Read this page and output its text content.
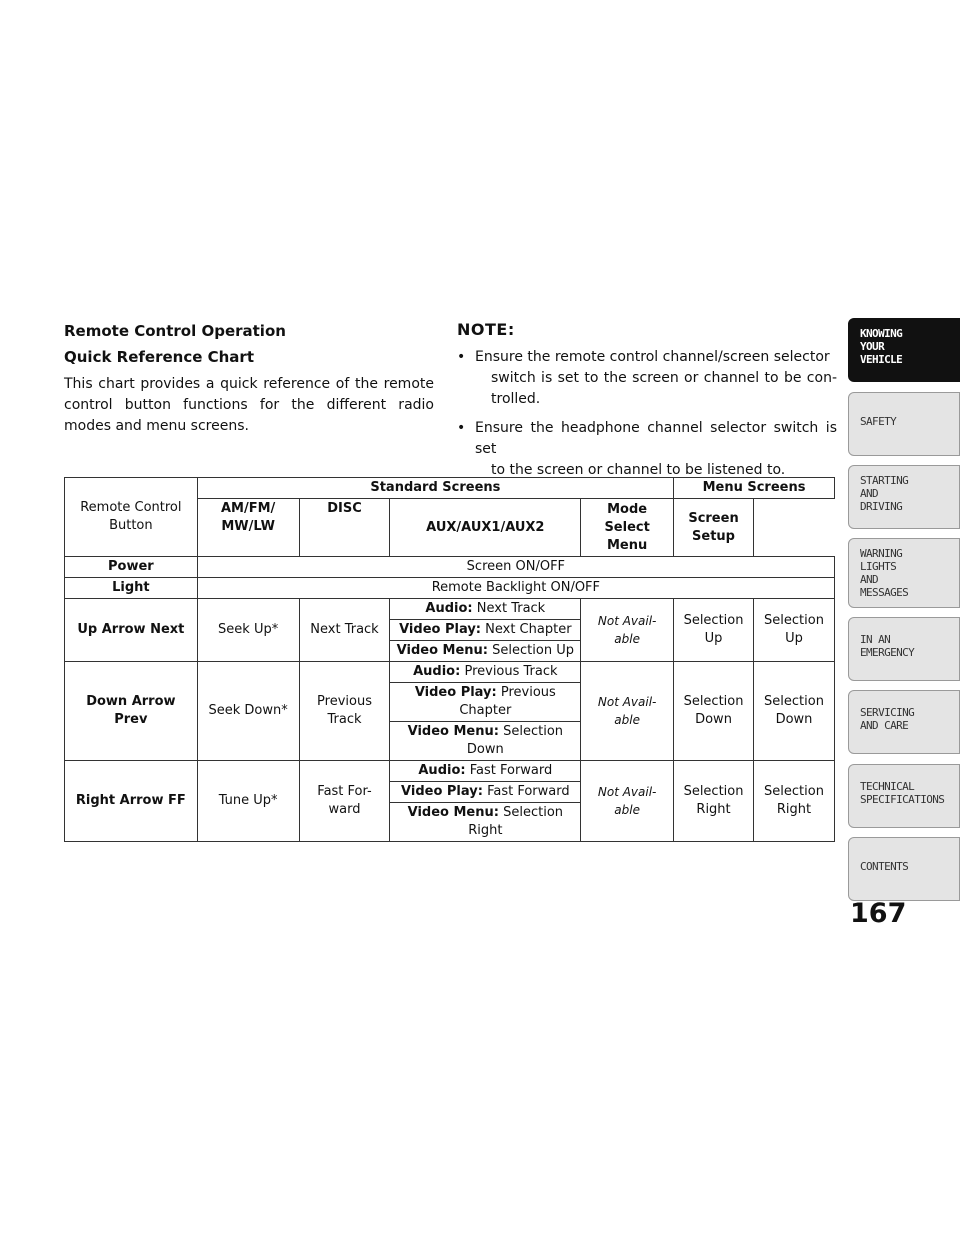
Remote Control Operation
Quick Reference Chart

This chart provides a quick reference of the remote control button functions for the different radio modes and menu screens.

NOTE:
• Ensure the remote control channel/screen selector
switch is set to the screen or channel to be con- trolled.
• Ensure the headphone channel selector switch is set
to the screen or channel to be listened to.
Remote Control Button	Standard Screens				Menu Screens	
	AM/FM/ MW/LW	DISC	AUX/AUX1/AUX2	Mode Select Menu	Screen Setup	
Power	Screen ON/OFF					
Light	Remote Backlight ON/OFF					
Up Arrow Next	Seek Up*	Next Track	Audio: Next Track	Not Avail- able	Selection Up	Selection Up
			Video Play: Next Chapter			
			Video Menu: Selection Up			
Down Arrow Prev	Seek Down*	Previous Track	Audio: Previous Track	Not Avail- able	Selection Down	Selection Down
			Video Play: Previous Chapter			
			Video Menu: Selection Down			
Right Arrow FF	Tune Up*	Fast For- ward	Audio: Fast Forward	Not Avail- able	Selection Right	Selection Right
			Video Play: Fast Forward			
			Video Menu: Selection Right			
KNOWING
YOUR
VEHICLE
SAFETY
STARTING
AND
DRIVING
WARNING
LIGHTS
AND
MESSAGES
IN AN
EMERGENCY
SERVICING
AND CARE
TECHNICAL
SPECIFICATIONS
CONTENTS
167
